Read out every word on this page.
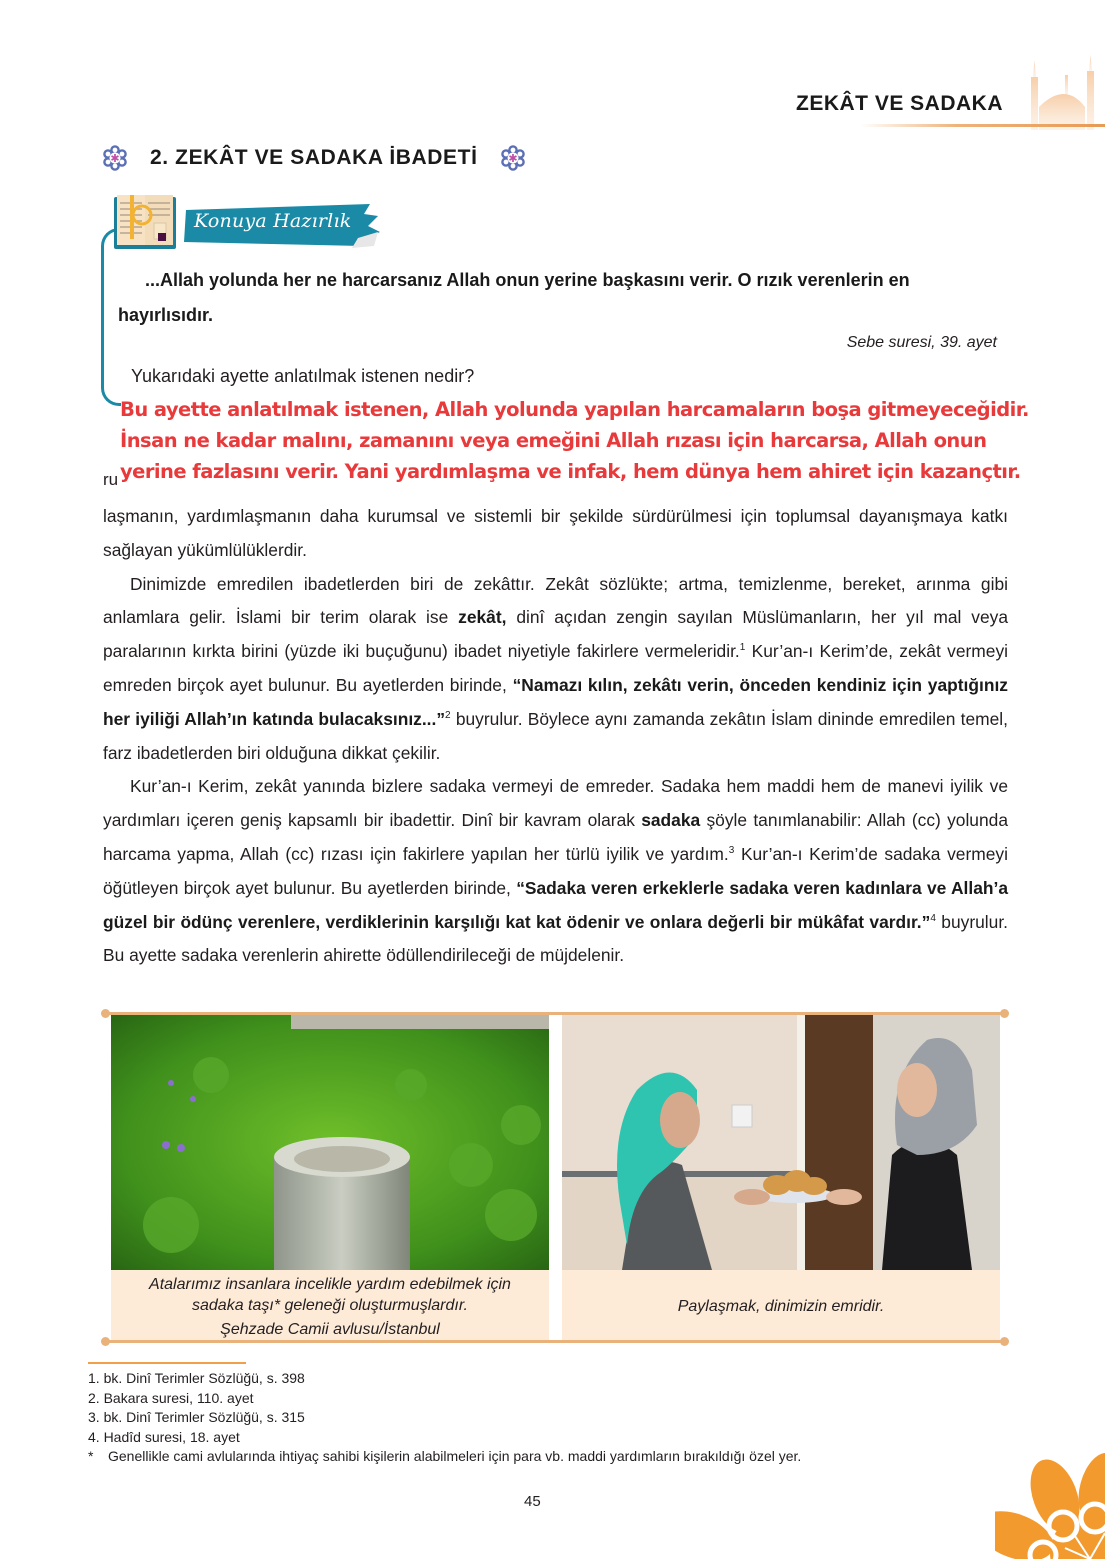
ZEKÂT VE SADAKA
✱ 2. ZEKÂT VE SADAKA İBADETİ	✱
Konuya Hazırlık
...Allah yolunda her ne harcarsanız Allah onun yerine başkasını verir. O rızık verenlerin en hayırlısıdır.
Sebe suresi, 39. ayet
Yukarıdaki ayette anlatılmak istenen nedir?
Bu ayette anlatılmak istenen, Allah yolunda yapılan harcamaların boşa gitmeyeceğidir.
İnsan ne kadar malını, zamanını veya emeğini Allah rızası için harcarsa, Allah onun
yerine fazlasını verir. Yani yardımlaşma ve infak, hem dünya hem ahiret için kazançtır.
ru

laşmanın, yardımlaşmanın daha kurumsal ve sistemli bir şekilde sürdürülmesi için toplumsal dayanışmaya katkı sağlayan yükümlülüklerdir.

Dinimizde emredilen ibadetlerden biri de zekâttır. Zekât sözlükte; artma, temizlenme, bereket, arınma gibi anlamlara gelir. İslami bir terim olarak ise zekât, dinî açıdan zengin sayılan Müslümanların, her yıl mal veya paralarının kırkta birini (yüzde iki buçuğunu) ibadet niyetiyle fakirlere vermeleridir.$^1$ Kur’an-ı Kerim’de, zekât vermeyi emreden birçok ayet bulunur. Bu ayetlerden birinde, “Namazı kılın, zekâtı verin, önceden kendiniz için yaptığınız her iyiliği Allah’ın katında bulacaksınız...”$^2$ buyrulur. Böylece aynı zamanda zekâtın İslam dininde emredilen temel, farz ibadetlerden biri olduğuna dikkat çekilir.

Kur’an-ı Kerim, zekât yanında bizlere sadaka vermeyi de emreder. Sadaka hem maddi hem de manevi iyilik ve yardımları içeren geniş kapsamlı bir ibadettir. Dinî bir kavram olarak sadaka şöyle tanımlanabilir: Allah (cc) yolunda harcama yapma, Allah (cc) rızası için fakirlere yapılan her türlü iyilik ve yardım.$^3$ Kur’an-ı Kerim’de sadaka vermeyi öğütleyen birçok ayet bulunur. Bu ayetlerden birinde, “Sadaka veren erkeklerle sadaka veren kadınlara ve Allah’a güzel bir ödünç verenlere, verdiklerinin karşılığı kat kat ödenir ve onlara değerli bir mükâfat vardır.”$^4$ buyrulur. Bu ayette sadaka verenlerin ahirette ödüllendirileceği de müjdelenir.

Atalarımız insanlara incelikle yardım edebilmek için
sadaka taşı* geleneği oluşturmuşlardır.
Şehzade Camii avlusu/İstanbul
Paylaşmak, dinimizin emridir.
1. bk. Dinî Terimler Sözlüğü, s. 398
2. Bakara suresi, 110. ayet
3. bk. Dinî Terimler Sözlüğü, s. 315
4. Hadîd suresi, 18. ayet
* Genellikle cami avlularında ihtiyaç sahibi kişilerin alabilmeleri için para vb. maddi yardımların bırakıldığı özel yer.
45
